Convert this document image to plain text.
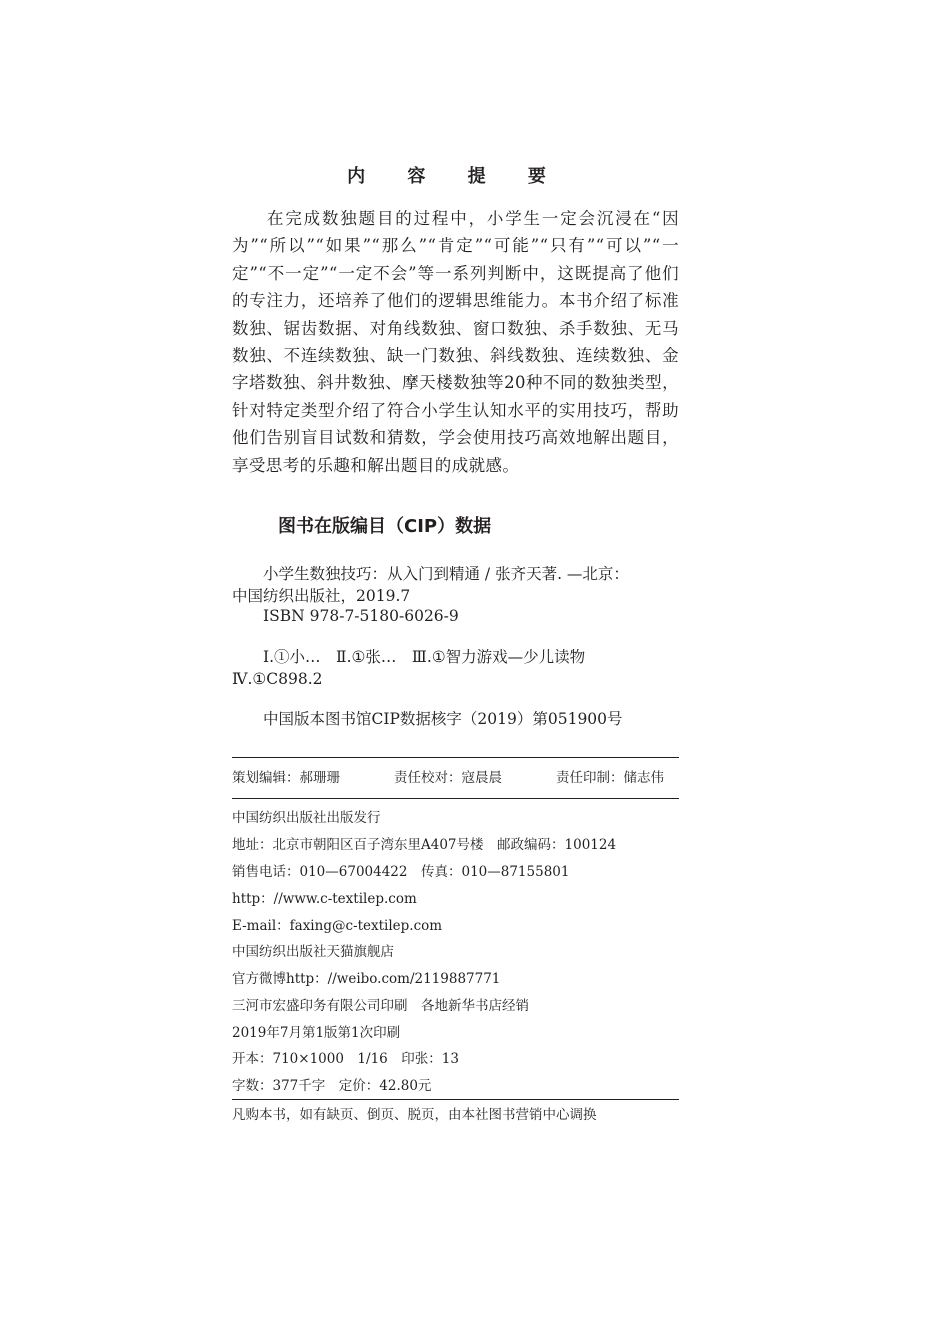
内 容 提 要
在完成数独题目的过程中，小学生一定会沉浸在“因为”“所以”“如果”“那么”“肯定”“可能”“只有”“可以”“一定”“不一定”“一定不会”等一系列判断中，这既提高了他们的专注力，还培养了他们的逻辑思维能力。本书介绍了标准数独、锯齿数据、对角线数独、窗口数独、杀手数独、无马数独、不连续数独、缺一门数独、斜线数独、连续数独、金字塔数独、斜井数独、摩天楼数独等20种不同的数独类型，针对特定类型介绍了符合小学生认知水平的实用技巧，帮助他们告别盲目试数和猜数，学会使用技巧高效地解出题目，享受思考的乐趣和解出题目的成就感。
图书在版编目（CIP）数据
　　小学生数独技巧：从入门到精通 / 张齐天著. —北京：
中国纺织出版社，2019.7
　　ISBN 978-7-5180-6026-9
　　Ⅰ.①小…　Ⅱ.①张…　Ⅲ.①智力游戏—少儿读物
Ⅳ.①C898.2
　　中国版本图书馆CIP数据核字（2019）第051900号
策划编辑：郝珊珊	责任校对：寇晨晨	责任印制：储志伟
中国纺织出版社出版发行
地址：北京市朝阳区百子湾东里A407号楼　邮政编码：100124
销售电话：010—67004422　传真：010—87155801
http：//www.c-textilep.com
E-mail：faxing@c-textilep.com
中国纺织出版社天猫旗舰店
官方微博http：//weibo.com/2119887771
三河市宏盛印务有限公司印刷　各地新华书店经销
2019年7月第1版第1次印刷
开本：710×1000　1/16　印张：13
字数：377千字　定价：42.80元
凡购本书，如有缺页、倒页、脱页，由本社图书营销中心调换
